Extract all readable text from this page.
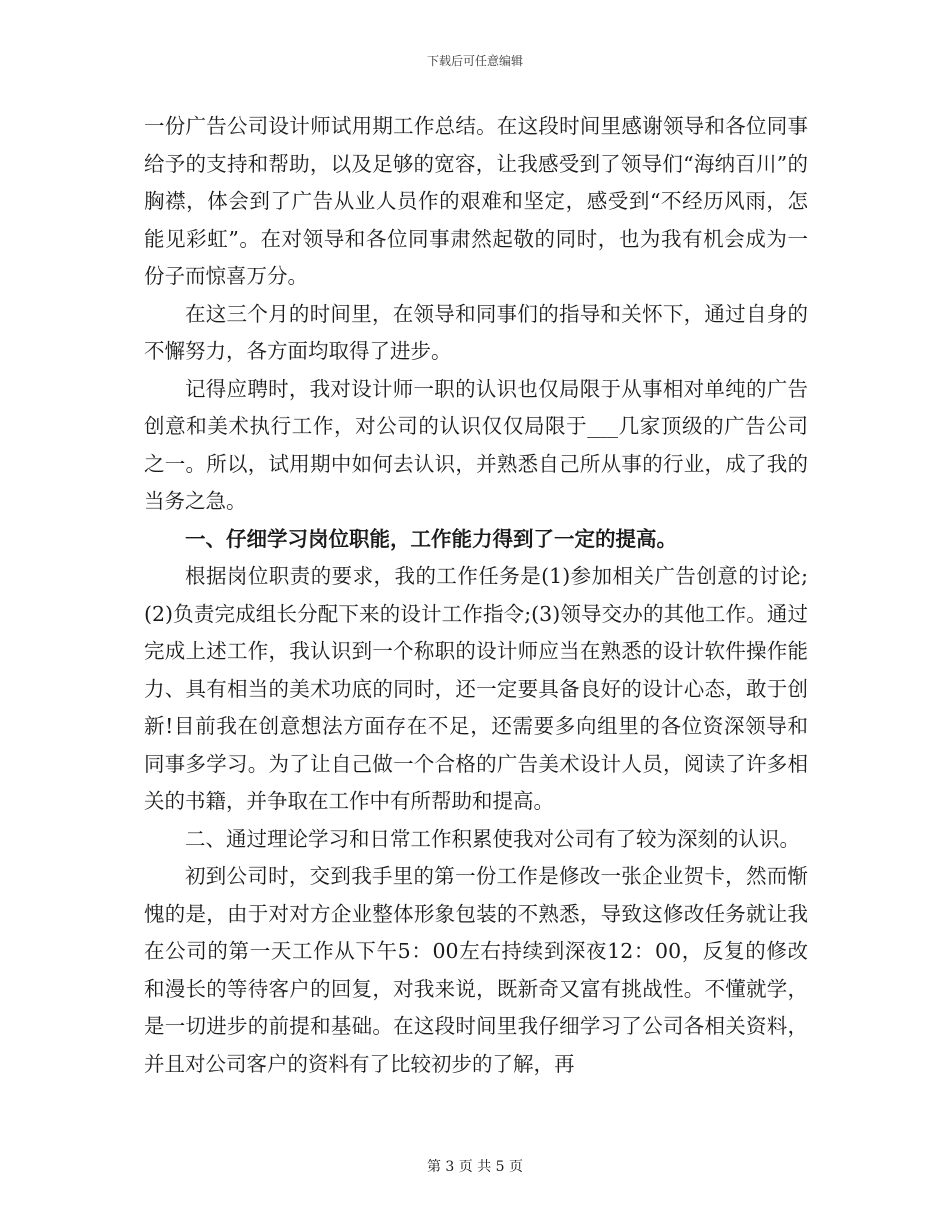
下载后可任意编辑

一份广告公司设计师试用期工作总结。在这段时间里感谢领导和各位同事给予的支持和帮助，以及足够的宽容，让我感受到了领导们“海纳百川”的胸襟，体会到了广告从业人员作的艰难和坚定，感受到“不经历风雨，怎能见彩虹”。在对领导和各位同事肃然起敬的同时，也为我有机会成为一份子而惊喜万分。

在这三个月的时间里，在领导和同事们的指导和关怀下，通过自身的不懈努力，各方面均取得了进步。

记得应聘时，我对设计师一职的认识也仅局限于从事相对单纯的广告创意和美术执行工作，对公司的认识仅仅局限于___几家顶级的广告公司之一。所以，试用期中如何去认识，并熟悉自己所从事的行业，成了我的当务之急。

一、仔细学习岗位职能，工作能力得到了一定的提高。

根据岗位职责的要求，我的工作任务是(1)参加相关广告创意的讨论;(2)负责完成组长分配下来的设计工作指令;(3)领导交办的其他工作。通过完成上述工作，我认识到一个称职的设计师应当在熟悉的设计软件操作能力、具有相当的美术功底的同时，还一定要具备良好的设计心态，敢于创新!目前我在创意想法方面存在不足，还需要多向组里的各位资深领导和同事多学习。为了让自己做一个合格的广告美术设计人员，阅读了许多相关的书籍，并争取在工作中有所帮助和提高。

二、通过理论学习和日常工作积累使我对公司有了较为深刻的认识。

初到公司时，交到我手里的第一份工作是修改一张企业贺卡，然而惭愧的是，由于对对方企业整体形象包装的不熟悉，导致这修改任务就让我在公司的第一天工作从下午5：00左右持续到深夜12：00，反复的修改和漫长的等待客户的回复，对我来说，既新奇又富有挑战性。不懂就学，是一切进步的前提和基础。在这段时间里我仔细学习了公司各相关资料，并且对公司客户的资料有了比较初步的了解，再

第 3 页 共 5 页
